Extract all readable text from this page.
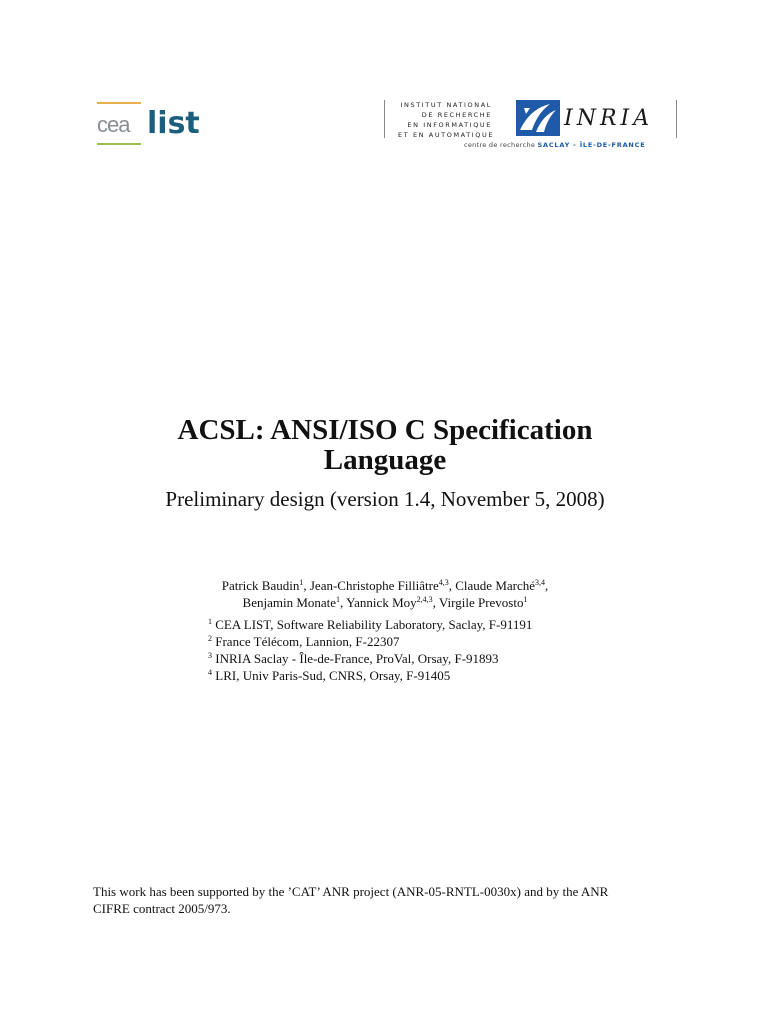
cea list
INSTITUT NATIONAL
DE RECHERCHE
EN INFORMATIQUE
ET EN AUTOMATIQUE
INRIA
centre de recherche SACLAY - ÎLE-DE-FRANCE
ACSL: ANSI/ISO C Specification
Language
Preliminary design (version 1.4, November 5, 2008)
Patrick Baudin$^1$, Jean-Christophe Filliâtre$^{4,3}$, Claude Marché$^{3,4}$,
Benjamin Monate$^1$, Yannick Moy$^{2,4,3}$, Virgile Prevosto$^1$
$^1$ CEA LIST, Software Reliability Laboratory, Saclay, F-91191
$^2$ France Télécom, Lannion, F-22307
$^3$ INRIA Saclay - Île-de-France, ProVal, Orsay, F-91893
$^4$ LRI, Univ Paris-Sud, CNRS, Orsay, F-91405
This work has been supported by the ’CAT’ ANR project (ANR-05-RNTL-0030x) and by the ANR
CIFRE contract 2005/973.
